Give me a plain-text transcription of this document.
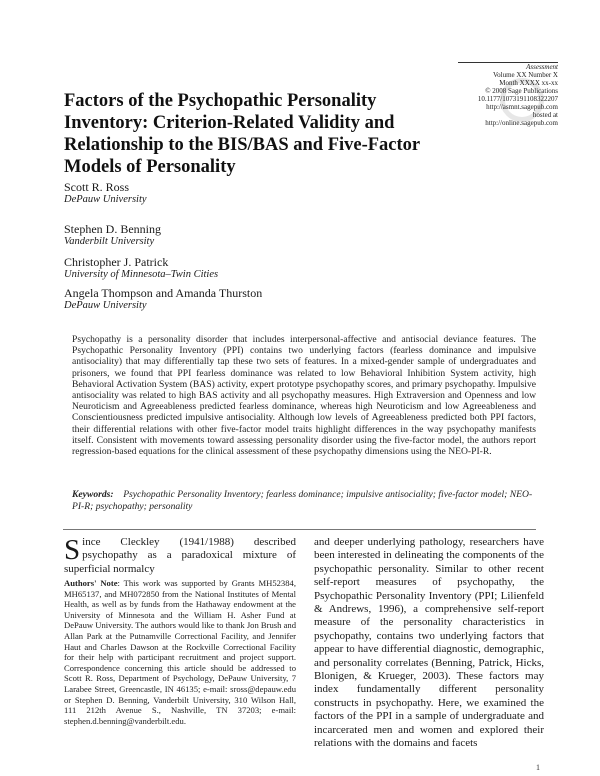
Assessment
Volume XX Number X
Month XXXX xx-xx
© 2008 Sage Publications
10.1177/1073191108322207
http://asmnt.sagepub.com
hosted at
http://online.sagepub.com
Factors of the Psychopathic Personality
Inventory: Criterion-Related Validity and
Relationship to the BIS/BAS and Five-Factor
Models of Personality
Scott R. Ross
DePauw University
Stephen D. Benning
Vanderbilt University
Christopher J. Patrick
University of Minnesota–Twin Cities
Angela Thompson and Amanda Thurston
DePauw University
Psychopathy is a personality disorder that includes interpersonal-affective and antisocial deviance features. The Psychopathic Personality Inventory (PPI) contains two underlying factors (fearless dominance and impulsive antisociality) that may differentially tap these two sets of features. In a mixed-gender sample of undergraduates and prisoners, we found that PPI fearless dominance was related to low Behavioral Inhibition System activity, high Behavioral Activation System (BAS) activity, expert prototype psychopathy scores, and primary psychopathy. Impulsive antisociality was related to high BAS activity and all psychopathy measures. High Extraversion and Openness and low Neuroticism and Agreeableness predicted fearless dominance, whereas high Neuroticism and low Agreeableness and Conscientiousness predicted impulsive antisociality. Although low levels of Agreeableness predicted both PPI factors, their differential relations with other five-factor model traits highlight differences in the way psychopathy manifests itself. Consistent with movements toward assessing personality disorder using the five-factor model, the authors report regression-based equations for the clinical assessment of these psychopathy dimensions using the NEO-PI-R.
Keywords: Psychopathic Personality Inventory; fearless dominance; impulsive antisociality; five-factor model; NEO-PI-R; psychopathy; personality
Since Cleckley (1941/1988) described psychopathy as a paradoxical mixture of superficial normalcy
Authors' Note: This work was supported by Grants MH52384, MH65137, and MH072850 from the National Institutes of Mental Health, as well as by funds from the Hathaway endowment at the University of Minnesota and the William H. Asher Fund at DePauw University. The authors would like to thank Jon Brush and Allan Park at the Putnamville Correctional Facility, and Jennifer Haut and Charles Dawson at the Rockville Correctional Facility for their help with participant recruitment and project support. Correspondence concerning this article should be addressed to Scott R. Ross, Department of Psychology, DePauw University, 7 Larabee Street, Greencastle, IN 46135; e-mail: sross@depauw.edu or Stephen D. Benning, Vanderbilt University, 310 Wilson Hall, 111 212th Avenue S., Nashville, TN 37203; e-mail: stephen.d.benning@vanderbilt.edu.
and deeper underlying pathology, researchers have been interested in delineating the components of the psychopathic personality. Similar to other recent self-report measures of psychopathy, the Psychopathic Personality Inventory (PPI; Lilienfeld & Andrews, 1996), a comprehensive self-report measure of the personality characteristics in psychopathy, contains two underlying factors that appear to have differential diagnostic, demographic, and personality correlates (Benning, Patrick, Hicks, Blonigen, & Krueger, 2003). These factors may index fundamentally different personality constructs in psychopathy. Here, we examined the factors of the PPI in a sample of undergraduate and incarcerated men and women and explored their relations with the domains and facets
1
